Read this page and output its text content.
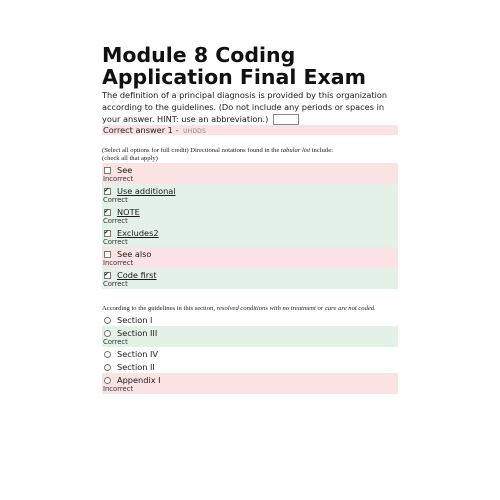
Module 8 Coding
Application Final Exam
The definition of a principal diagnosis is provided by this organization according to the guidelines. (Do not include any periods or spaces in your answer. HINT: use an abbreviation.)
Correct answer 1 - UHDDS
(Select all options for full credit) Directional notations found in the tabular list include:
(check all that apply)
See
Incorrect
✔
Use additional
Correct
✔
NOTE
Correct
✔
Excludes2
Correct
See also
Incorrect
✔
Code first
Correct
According to the guidelines in this section, resolved conditions with no treatment or care are not coded.
Section I
Section III
Correct
Section IV
Section II
Appendix I
Incorrect
